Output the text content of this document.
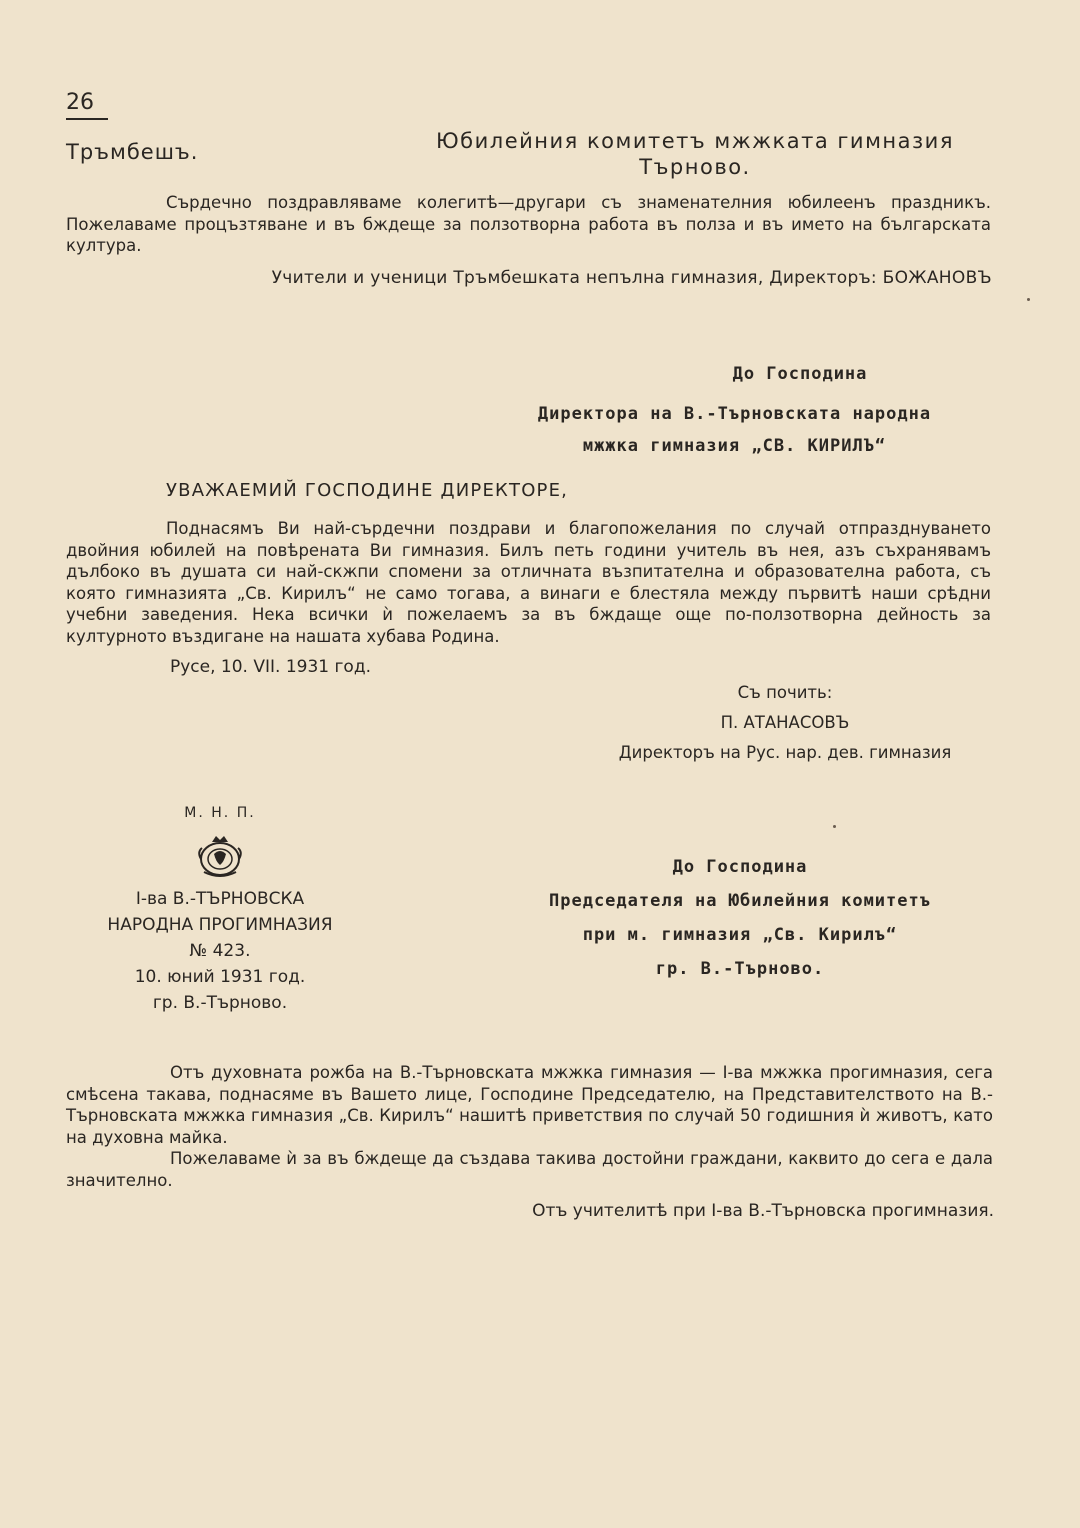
26
Тръмбешъ.	Юбилейния комитетъ мжжката гимназия
Търново.
Сърдечно поздравляваме колегитѣ—другари съ знаменателния юбилеенъ праздникъ. Пожелаваме процъзтяване и въ бждеще за ползотворна работа въ полза и въ името на българската култура.
Учители и ученици Тръмбешката непълна гимназия, Директоръ: БОЖАНОВЪ
До Господина
Директора на В.-Търновската народна
мжжка гимназия „СВ. КИРИЛЪ“
УВАЖАЕМИЙ ГОСПОДИНЕ ДИРЕКТОРЕ,
Поднасямъ Ви най-сърдечни поздрави и благопожелания по случай отпразднуването двойния юбилей на повѣрената Ви гимназия. Билъ петь години учитель въ нея, азъ съхранявамъ дълбоко въ душата си най-скжпи спомени за отличната възпитателна и образователна работа, съ която гимназията „Св. Кирилъ“ не само тогава, а винаги е блестяла между първитѣ наши срѣдни учебни заведения. Нека всички ѝ пожелаемъ за въ бждаще още по-ползотворна дейность за културното въздигане на нашата хубава Родина.
Русе, 10. VII. 1931 год.
Съ почить:
П. АТАНАСОВЪ
Директоръ на Рус. нар. дев. гимназия
М. Н. П.
I-ва В.-ТЪРНОВСКА
НАРОДНА ПРОГИМНАЗИЯ
№ 423.
10. юний 1931 год.
гр. В.-Търново.
До Господина
Председателя на Юбилейния комитетъ
при м. гимназия „Св. Кирилъ“
гр. В.-Търново.
Отъ духовната рожба на В.-Търновската мжжка гимназия — I-ва мжжка прогимназия, сега смѣсена такава, поднасяме въ Вашето лице, Господине Председателю, на Представителството на В.-Търновската мжжка гимназия „Св. Кирилъ“ нашитѣ приветствия по случай 50 годишния ѝ животъ, като на духовна майка.
Пожелаваме ѝ за въ бждеще да създава такива достойни граждани, каквито до сега е дала значително.
Отъ учителитѣ при I-ва В.-Търновска прогимназия.
